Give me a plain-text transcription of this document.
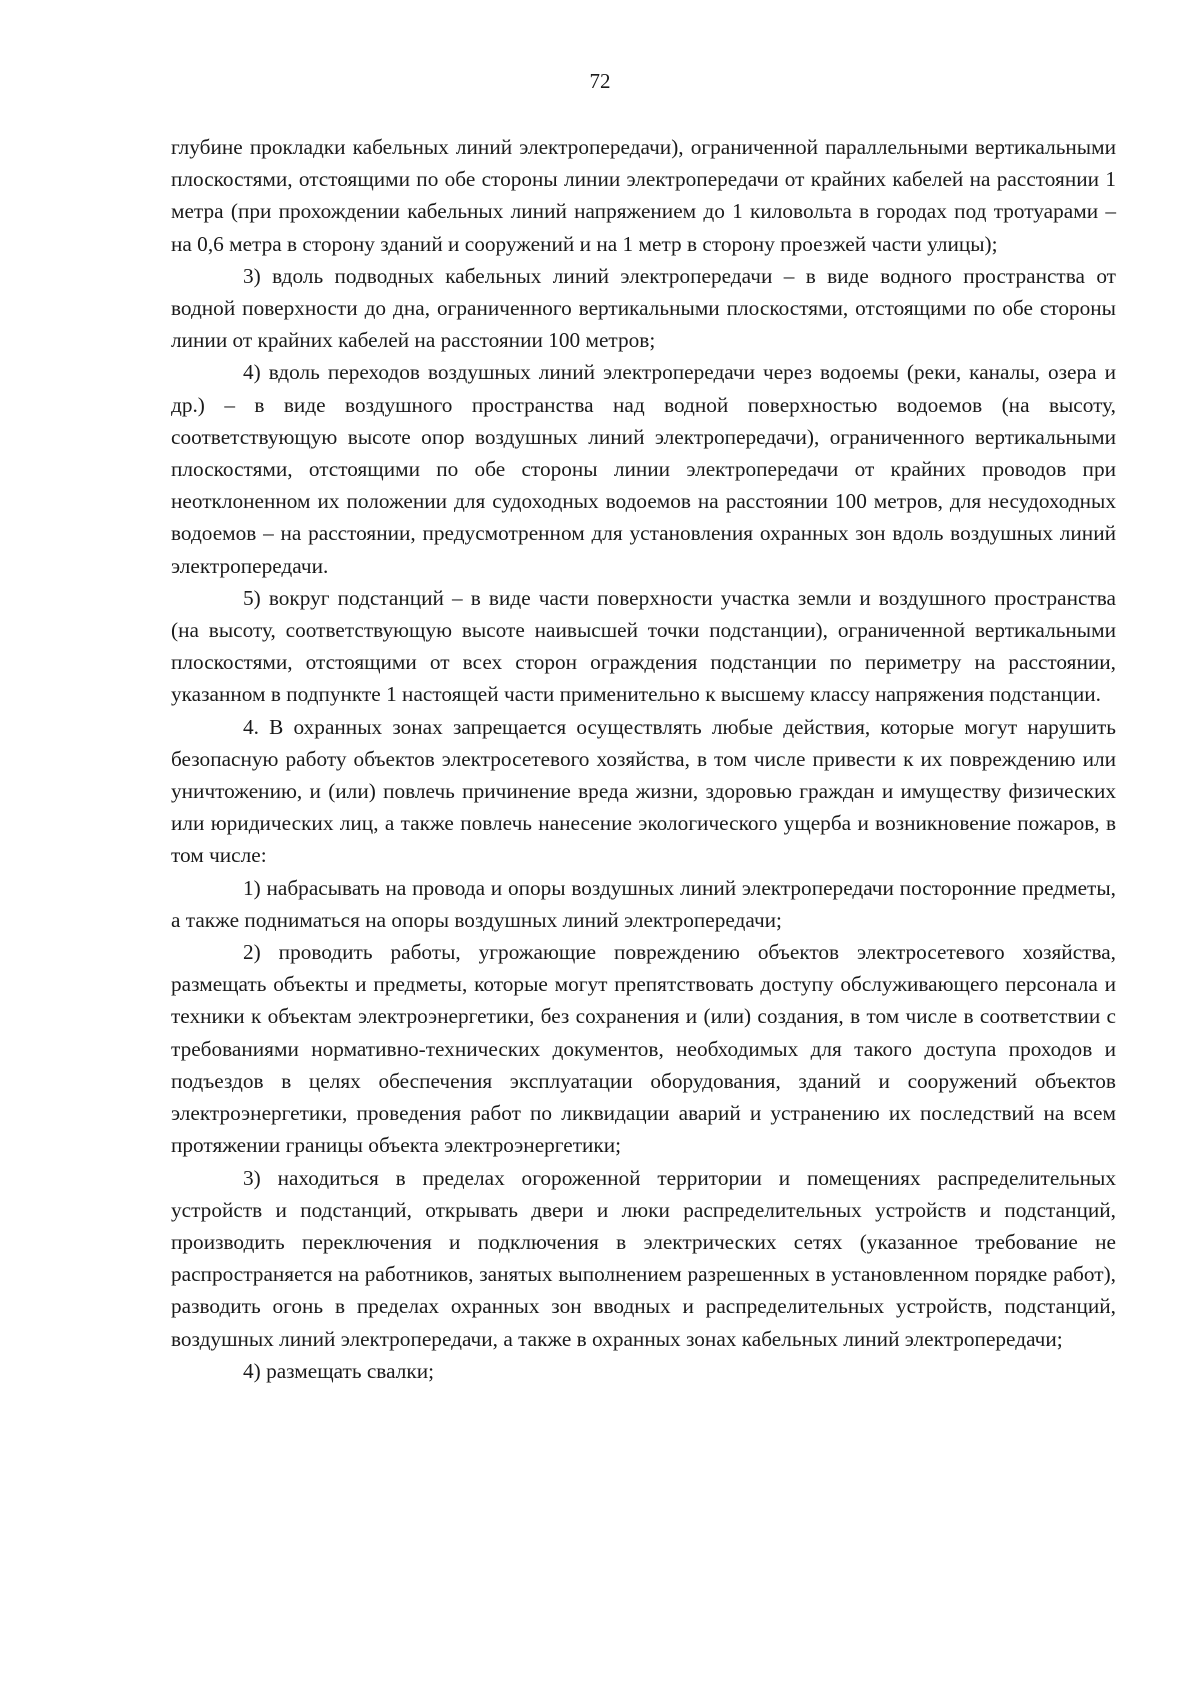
72

глубине прокладки кабельных линий электропередачи), ограниченной параллельными вертикальными плоскостями, отстоящими по обе стороны линии электропередачи от крайних кабелей на расстоянии 1 метра (при прохождении кабельных линий напряжением до 1 киловольта в городах под тротуарами – на 0,6 метра в сторону зданий и сооружений и на 1 метр в сторону проезжей части улицы);

3) вдоль подводных кабельных линий электропередачи – в виде водного пространства от водной поверхности до дна, ограниченного вертикальными плоскостями, отстоящими по обе стороны линии от крайних кабелей на расстоянии 100 метров;

4) вдоль переходов воздушных линий электропередачи через водоемы (реки, каналы, озера и др.) – в виде воздушного пространства над водной поверхностью водоемов (на высоту, соответствующую высоте опор воздушных линий электропередачи), ограниченного вертикальными плоскостями, отстоящими по обе стороны линии электропередачи от крайних проводов при неотклоненном их положении для судоходных водоемов на расстоянии 100 метров, для несудоходных водоемов – на расстоянии, предусмотренном для установления охранных зон вдоль воздушных линий электропередачи.

5) вокруг подстанций – в виде части поверхности участка земли и воздушного пространства (на высоту, соответствующую высоте наивысшей точки подстанции), ограниченной вертикальными плоскостями, отстоящими от всех сторон ограждения подстанции по периметру на расстоянии, указанном в подпункте 1 настоящей части применительно к высшему классу напряжения подстанции.

4. В охранных зонах запрещается осуществлять любые действия, которые могут нарушить безопасную работу объектов электросетевого хозяйства, в том числе привести к их повреждению или уничтожению, и (или) повлечь причинение вреда жизни, здоровью граждан и имуществу физических или юридических лиц, а также повлечь нанесение экологического ущерба и возникновение пожаров, в том числе:

1) набрасывать на провода и опоры воздушных линий электропередачи посторонние предметы, а также подниматься на опоры воздушных линий электропередачи;

2) проводить работы, угрожающие повреждению объектов электросетевого хозяйства, размещать объекты и предметы, которые могут препятствовать доступу обслуживающего персонала и техники к объектам электроэнергетики, без сохранения и (или) создания, в том числе в соответствии с требованиями нормативно-технических документов, необходимых для такого доступа проходов и подъездов в целях обеспечения эксплуатации оборудования, зданий и сооружений объектов электроэнергетики, проведения работ по ликвидации аварий и устранению их последствий на всем протяжении границы объекта электроэнергетики;

3) находиться в пределах огороженной территории и помещениях распределительных устройств и подстанций, открывать двери и люки распределительных устройств и подстанций, производить переключения и подключения в электрических сетях (указанное требование не распространяется на работников, занятых выполнением разрешенных в установленном порядке работ), разводить огонь в пределах охранных зон вводных и распределительных устройств, подстанций, воздушных линий электропередачи, а также в охранных зонах кабельных линий электропередачи;

4) размещать свалки;
